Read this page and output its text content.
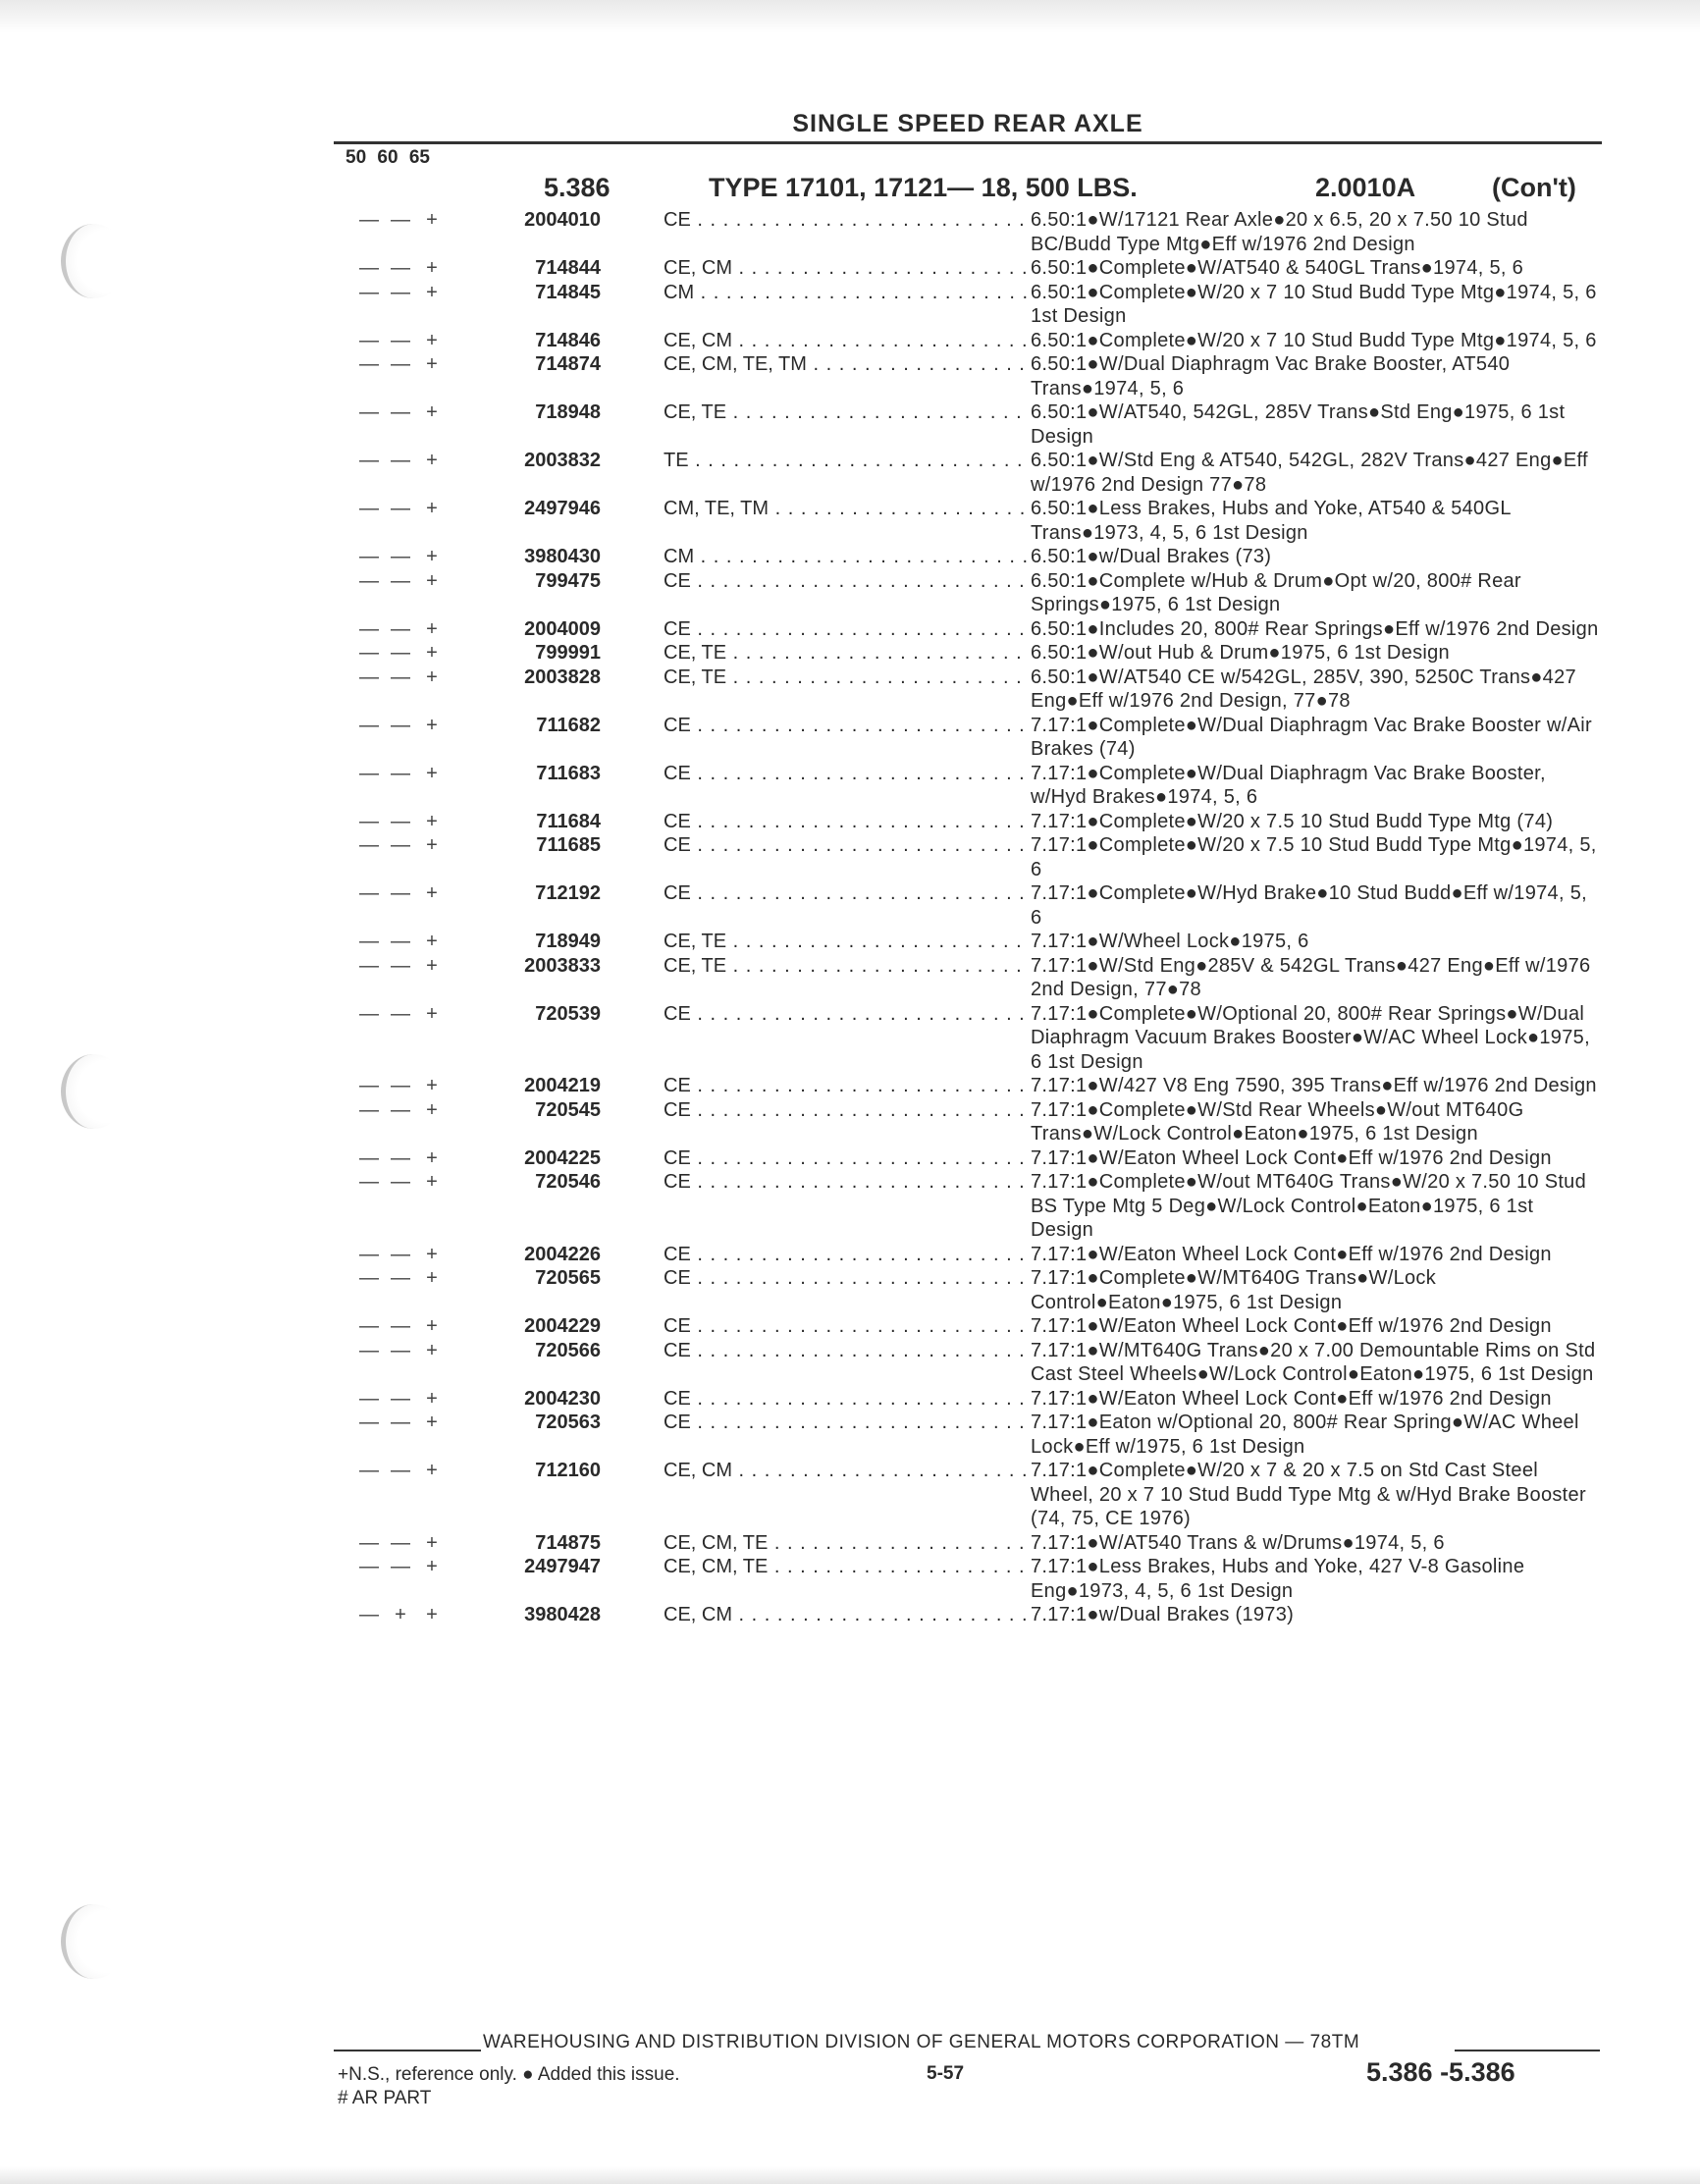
SINGLE SPEED REAR AXLE
50 60 65
5.386	TYPE 17101, 17121— 18, 500 LBS.	2.0010A	(Con't)
— — +	2004010	CE . . .	6.50:1●W/17121 Rear Axle●20 x 6.5, 20 x 7.50 10 Stud BC/Budd Type Mtg●Eff w/1976 2nd Design
— — +	714844	CE, CM . . .	6.50:1●Complete●W/AT540 & 540GL Trans●1974, 5, 6
— — +	714845	CM . . .	6.50:1●Complete●W/20 x 7 10 Stud Budd Type Mtg●1974, 5, 6 1st Design
— — +	714846	CE, CM . . .	6.50:1●Complete●W/20 x 7 10 Stud Budd Type Mtg●1974, 5, 6
— — +	714874	CE, CM, TE, TM . . .	6.50:1●W/Dual Diaphragm Vac Brake Booster, AT540 Trans●1974, 5, 6
— — +	718948	CE, TE . . .	6.50:1●W/AT540, 542GL, 285V Trans●Std Eng●1975, 6 1st Design
— — +	2003832	TE . . .	6.50:1●W/Std Eng & AT540, 542GL, 282V Trans●427 Eng●Eff w/1976 2nd Design 77●78
— — +	2497946	CM, TE, TM . . .	6.50:1●Less Brakes, Hubs and Yoke, AT540 & 540GL Trans●1973, 4, 5, 6 1st Design
— — +	3980430	CM . . .	6.50:1●w/Dual Brakes (73)
— — +	799475	CE . . .	6.50:1●Complete w/Hub & Drum●Opt w/20, 800# Rear Springs●1975, 6 1st Design
— — +	2004009	CE . . .	6.50:1●Includes 20, 800# Rear Springs●Eff w/1976 2nd Design
— — +	799991	CE, TE . . .	6.50:1●W/out Hub & Drum●1975, 6 1st Design
— — +	2003828	CE, TE . . .	6.50:1●W/AT540 CE w/542GL, 285V, 390, 5250C Trans●427 Eng●Eff w/1976 2nd Design, 77●78
— — +	711682	CE . . .	7.17:1●Complete●W/Dual Diaphragm Vac Brake Booster w/Air Brakes (74)
— — +	711683	CE . . .	7.17:1●Complete●W/Dual Diaphragm Vac Brake Booster, w/Hyd Brakes●1974, 5, 6
— — +	711684	CE . . .	7.17:1●Complete●W/20 x 7.5 10 Stud Budd Type Mtg (74)
— — +	711685	CE . . .	7.17:1●Complete●W/20 x 7.5 10 Stud Budd Type Mtg●1974, 5, 6
— — +	712192	CE . . .	7.17:1●Complete●W/Hyd Brake●10 Stud Budd●Eff w/1974, 5, 6
— — +	718949	CE, TE . . .	7.17:1●W/Wheel Lock●1975, 6
— — +	2003833	CE, TE . . .	7.17:1●W/Std Eng●285V & 542GL Trans●427 Eng●Eff w/1976 2nd Design, 77●78
— — +	720539	CE . . .	7.17:1●Complete●W/Optional 20, 800# Rear Springs●W/Dual Diaphragm Vacuum Brakes Booster●W/AC Wheel Lock●1975, 6 1st Design
— — +	2004219	CE . . .	7.17:1●W/427 V8 Eng 7590, 395 Trans●Eff w/1976 2nd Design
— — +	720545	CE . . .	7.17:1●Complete●W/Std Rear Wheels●W/out MT640G Trans●W/Lock Control●Eaton●1975, 6 1st Design
— — +	2004225	CE . . .	7.17:1●W/Eaton Wheel Lock Cont●Eff w/1976 2nd Design
— — +	720546	CE . . .	7.17:1●Complete●W/out MT640G Trans●W/20 x 7.50 10 Stud BS Type Mtg 5 Deg●W/Lock Control●Eaton●1975, 6 1st Design
— — +	2004226	CE . . .	7.17:1●W/Eaton Wheel Lock Cont●Eff w/1976 2nd Design
— — +	720565	CE . . .	7.17:1●Complete●W/MT640G Trans●W/Lock Control●Eaton●1975, 6 1st Design
— — +	2004229	CE . . .	7.17:1●W/Eaton Wheel Lock Cont●Eff w/1976 2nd Design
— — +	720566	CE . . .	7.17:1●W/MT640G Trans●20 x 7.00 Demountable Rims on Std Cast Steel Wheels●W/Lock Control●Eaton●1975, 6 1st Design
— — +	2004230	CE . . .	7.17:1●W/Eaton Wheel Lock Cont●Eff w/1976 2nd Design
— — +	720563	CE . . .	7.17:1●Eaton w/Optional 20, 800# Rear Spring●W/AC Wheel Lock●Eff w/1975, 6 1st Design
— — +	712160	CE, CM . . .	7.17:1●Complete●W/20 x 7 & 20 x 7.5 on Std Cast Steel Wheel, 20 x 7 10 Stud Budd Type Mtg & w/Hyd Brake Booster (74, 75, CE 1976)
— — +	714875	CE, CM, TE . . .	7.17:1●W/AT540 Trans & w/Drums●1974, 5, 6
— — +	2497947	CE, CM, TE . . .	7.17:1●Less Brakes, Hubs and Yoke, 427 V-8 Gasoline Eng●1973, 4, 5, 6 1st Design
— + +	3980428	CE, CM . . .	7.17:1●w/Dual Brakes (1973)
WAREHOUSING AND DISTRIBUTION DIVISION OF GENERAL MOTORS CORPORATION — 78TM
+N.S., reference only. ● Added this issue.
# AR PART
5-57	5.386 -5.386
